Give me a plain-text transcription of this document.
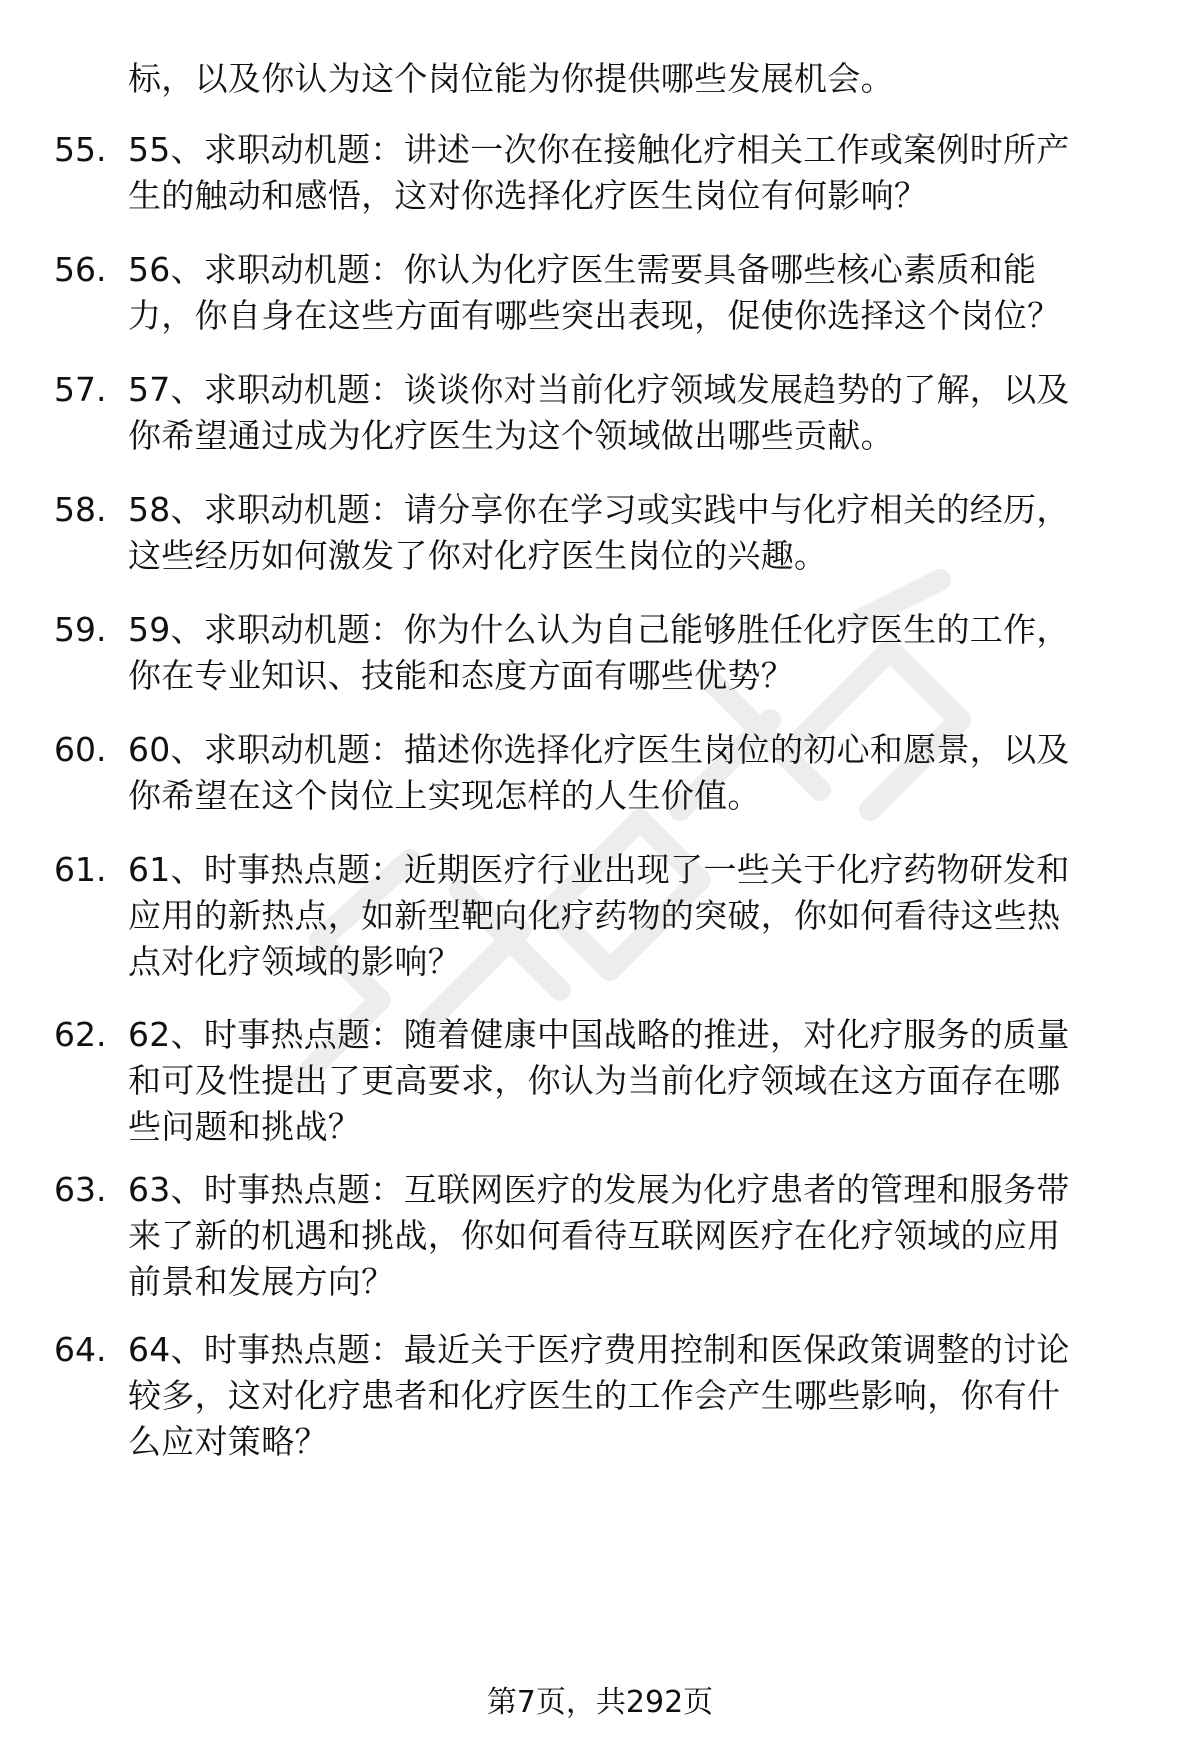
标，以及你认为这个岗位能为你提供哪些发展机会。
55. 55、求职动机题：讲述一次你在接触化疗相关工作或案例时所产
生的触动和感悟，这对你选择化疗医生岗位有何影响？
56. 56、求职动机题：你认为化疗医生需要具备哪些核心素质和能
力，你自身在这些方面有哪些突出表现，促使你选择这个岗位？
57. 57、求职动机题：谈谈你对当前化疗领域发展趋势的了解，以及
你希望通过成为化疗医生为这个领域做出哪些贡献。
58. 58、求职动机题：请分享你在学习或实践中与化疗相关的经历，
这些经历如何激发了你对化疗医生岗位的兴趣。
59. 59、求职动机题：你为什么认为自己能够胜任化疗医生的工作，
你在专业知识、技能和态度方面有哪些优势？
60. 60、求职动机题：描述你选择化疗医生岗位的初心和愿景，以及
你希望在这个岗位上实现怎样的人生价值。
61. 61、时事热点题：近期医疗行业出现了一些关于化疗药物研发和
应用的新热点，如新型靶向化疗药物的突破，你如何看待这些热
点对化疗领域的影响？
62. 62、时事热点题：随着健康中国战略的推进，对化疗服务的质量
和可及性提出了更高要求，你认为当前化疗领域在这方面存在哪
些问题和挑战？
63. 63、时事热点题：互联网医疗的发展为化疗患者的管理和服务带
来了新的机遇和挑战，你如何看待互联网医疗在化疗领域的应用
前景和发展方向？
64. 64、时事热点题：最近关于医疗费用控制和医保政策调整的讨论
较多，这对化疗患者和化疗医生的工作会产生哪些影响，你有什
么应对策略？
第7页，共292页
